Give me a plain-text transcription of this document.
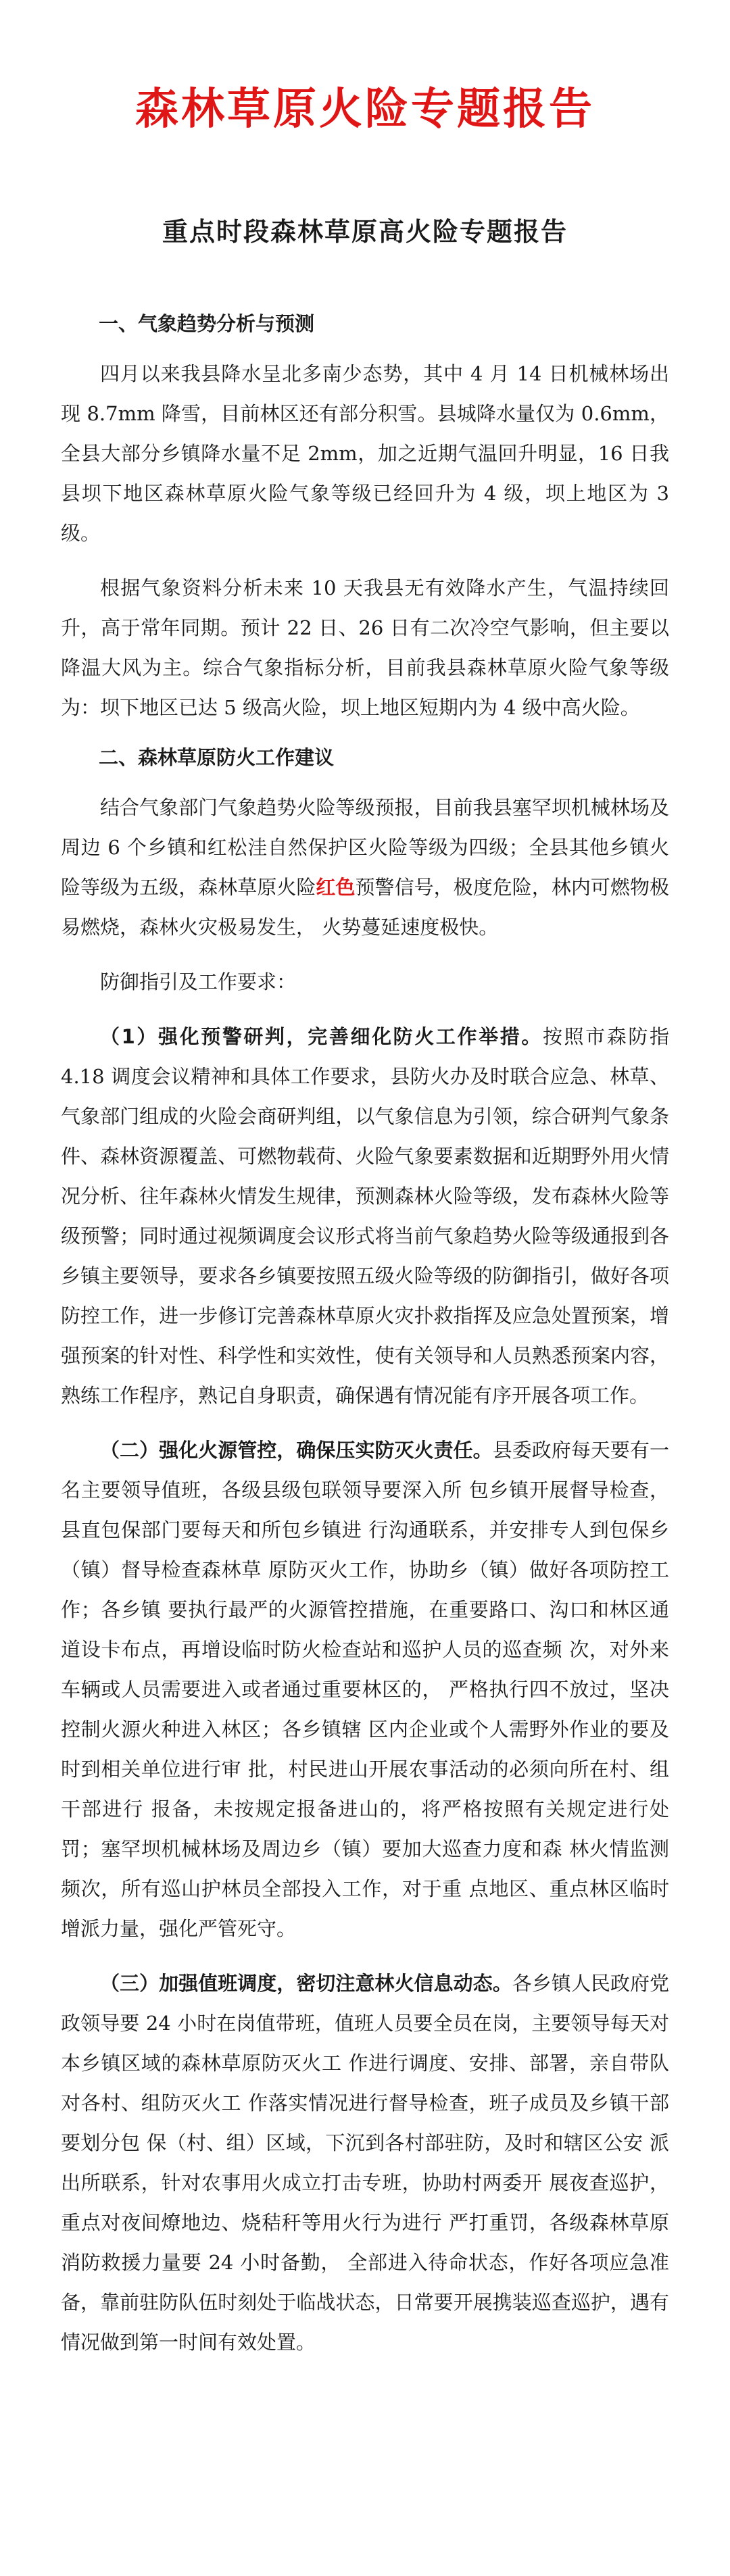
森林草原火险专题报告
重点时段森林草原高火险专题报告
一、气象趋势分析与预测

四月以来我县降水呈北多南少态势，其中 4 月 14 日机械林场出现 8.7mm 降雪，目前林区还有部分积雪。县城降水量仅为 0.6mm，全县大部分乡镇降水量不足 2mm，加之近期气温回升明显，16 日我县坝下地区森林草原火险气象等级已经回升为 4 级，坝上地区为 3 级。

根据气象资料分析未来 10 天我县无有效降水产生，气温持续回升，高于常年同期。预计 22 日、26 日有二次冷空气影响，但主要以降温大风为主。综合气象指标分析，目前我县森林草原火险气象等级为：坝下地区已达 5 级高火险，坝上地区短期内为 4 级中高火险。

二、森林草原防火工作建议

结合气象部门气象趋势火险等级预报，目前我县塞罕坝机械林场及周边 6 个乡镇和红松洼自然保护区火险等级为四级；全县其他乡镇火险等级为五级，森林草原火险红色预警信号，极度危险，林内可燃物极易燃烧，森林火灾极易发生， 火势蔓延速度极快。

防御指引及工作要求：

（1）强化预警研判，完善细化防火工作举措。按照市森防指 4.18 调度会议精神和具体工作要求，县防火办及时联合应急、林草、气象部门组成的火险会商研判组，以气象信息为引领，综合研判气象条件、森林资源覆盖、可燃物载荷、火险气象要素数据和近期野外用火情况分析、往年森林火情发生规律，预测森林火险等级，发布森林火险等级预警；同时通过视频调度会议形式将当前气象趋势火险等级通报到各乡镇主要领导，要求各乡镇要按照五级火险等级的防御指引，做好各项防控工作，进一步修订完善森林草原火灾扑救指挥及应急处置预案，增强预案的针对性、科学性和实效性，使有关领导和人员熟悉预案内容， 熟练工作程序，熟记自身职责，确保遇有情况能有序开展各项工作。

（二）强化火源管控，确保压实防灭火责任。县委政府每天要有一名主要领导值班，各级县级包联领导要深入所 包乡镇开展督导检查，县直包保部门要每天和所包乡镇进 行沟通联系，并安排专人到包保乡（镇）督导检查森林草 原防灭火工作，协助乡（镇）做好各项防控工作；各乡镇 要执行最严的火源管控措施，在重要路口、沟口和林区通 道设卡布点，再增设临时防火检查站和巡护人员的巡查频 次，对外来车辆或人员需要进入或者通过重要林区的， 严格执行四不放过，坚决控制火源火种进入林区；各乡镇辖 区内企业或个人需野外作业的要及时到相关单位进行审 批，村民进山开展农事活动的必须向所在村、组干部进行 报备，未按规定报备进山的，将严格按照有关规定进行处 罚；塞罕坝机械林场及周边乡（镇）要加大巡查力度和森 林火情监测频次，所有巡山护林员全部投入工作，对于重 点地区、重点林区临时增派力量，强化严管死守。

（三）加强值班调度，密切注意林火信息动态。各乡镇人民政府党政领导要 24 小时在岗值带班，值班人员要全员在岗，主要领导每天对本乡镇区域的森林草原防灭火工 作进行调度、安排、部署，亲自带队对各村、组防灭火工 作落实情况进行督导检查，班子成员及乡镇干部要划分包 保（村、组）区域，下沉到各村部驻防，及时和辖区公安 派出所联系，针对农事用火成立打击专班，协助村两委开 展夜查巡护，重点对夜间燎地边、烧秸秆等用火行为进行 严打重罚，各级森林草原消防救援力量要 24 小时备勤， 全部进入待命状态，作好各项应急准备，靠前驻防队伍时刻处于临战状态，日常要开展携装巡查巡护，遇有情况做到第一时间有效处置。
